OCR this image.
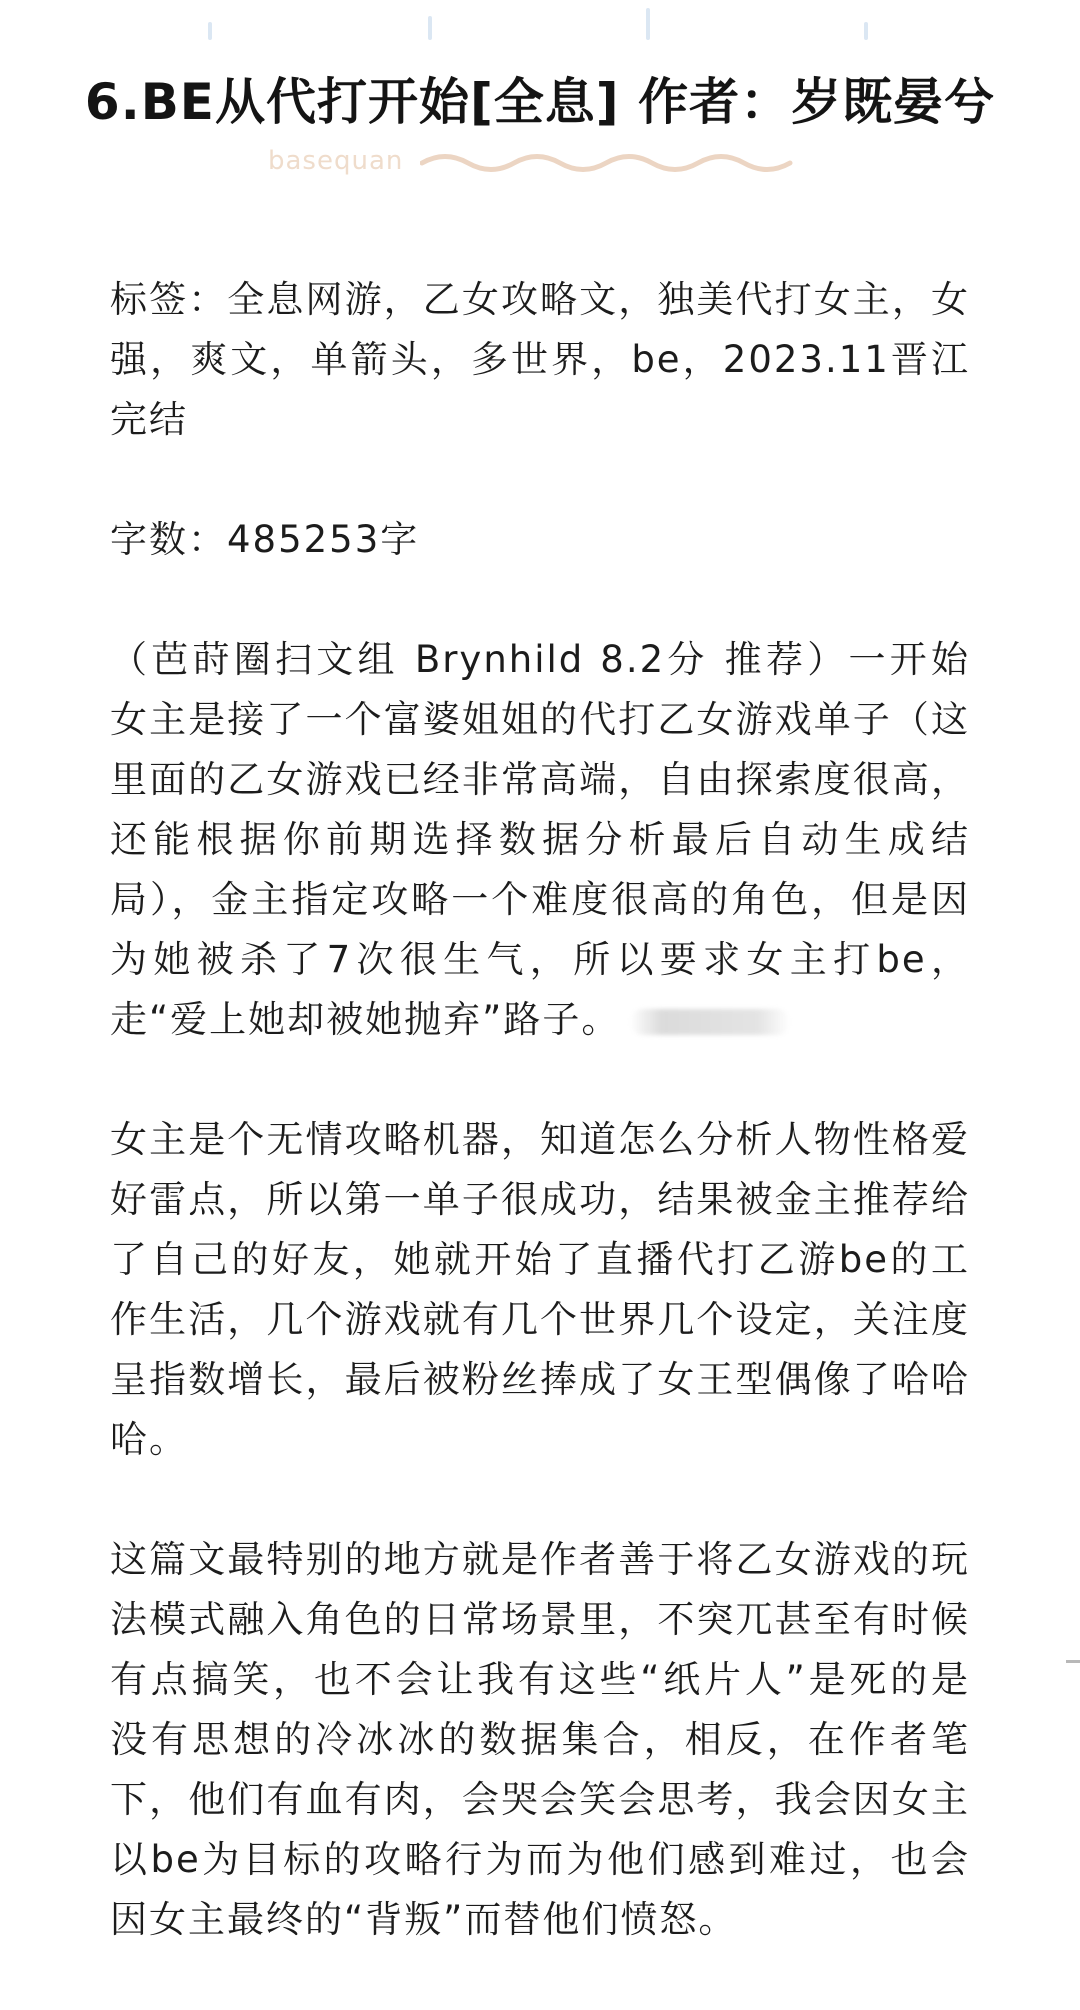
6.BE从代打开始[全息] 作者：岁既晏兮
basequan

标签：全息网游，乙女攻略文，独美代打女主，女强，爽文，单箭头，多世界，be，2023.11晋江完结

字数：485253字

（芭莳圈扫文组 Brynhild 8.2分 推荐）一开始女主是接了一个富婆姐姐的代打乙女游戏单子（这里面的乙女游戏已经非常高端，自由探索度很高，还能根据你前期选择数据分析最后自动生成结局），金主指定攻略一个难度很高的角色，但是因为她被杀了7次很生气，所以要求女主打be，走“爱上她却被她抛弃”路子。

女主是个无情攻略机器，知道怎么分析人物性格爱好雷点，所以第一单子很成功，结果被金主推荐给了自己的好友，她就开始了直播代打乙游be的工作生活，几个游戏就有几个世界几个设定，关注度呈指数增长，最后被粉丝捧成了女王型偶像了哈哈哈。

这篇文最特别的地方就是作者善于将乙女游戏的玩法模式融入角色的日常场景里，不突兀甚至有时候有点搞笑，也不会让我有这些“纸片人”是死的是没有思想的冷冰冰的数据集合，相反，在作者笔下，他们有血有肉，会哭会笑会思考，我会因女主以be为目标的攻略行为而为他们感到难过，也会因女主最终的“背叛”而替他们愤怒。
